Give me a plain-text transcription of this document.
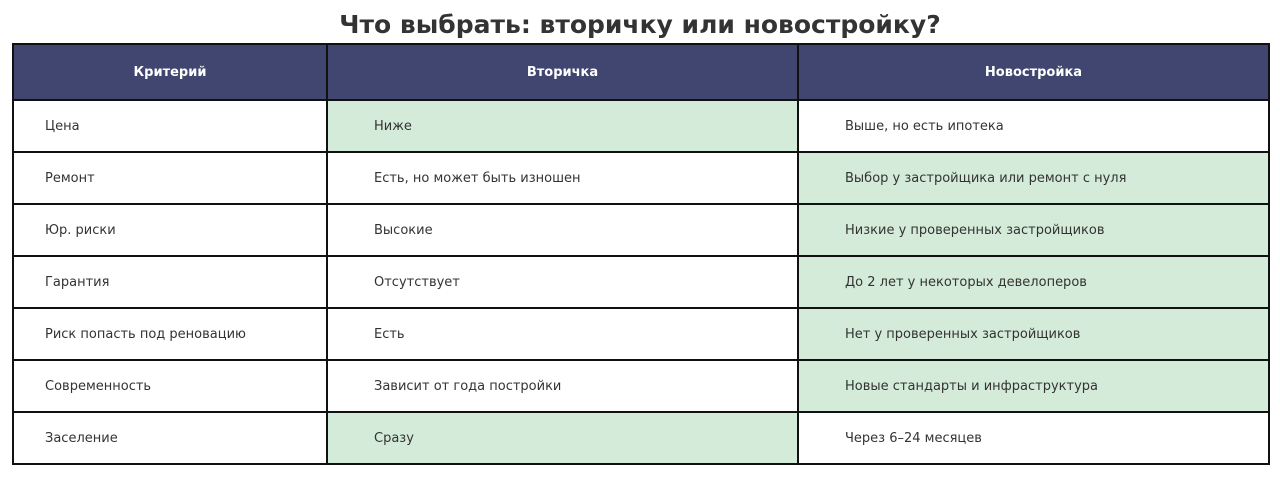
Что выбрать: вторичку или новостройку?
Критерий	Вторичка	Новостройка
Цена	Ниже	Выше, но есть ипотека
Ремонт	Есть, но может быть изношен	Выбор у застройщика или ремонт с нуля
Юр. риски	Высокие	Низкие у проверенных застройщиков
Гарантия	Отсутствует	До 2 лет у некоторых девелоперов
Риск попасть под реновацию	Есть	Нет у проверенных застройщиков
Современность	Зависит от года постройки	Новые стандарты и инфраструктура
Заселение	Сразу	Через 6–24 месяцев
